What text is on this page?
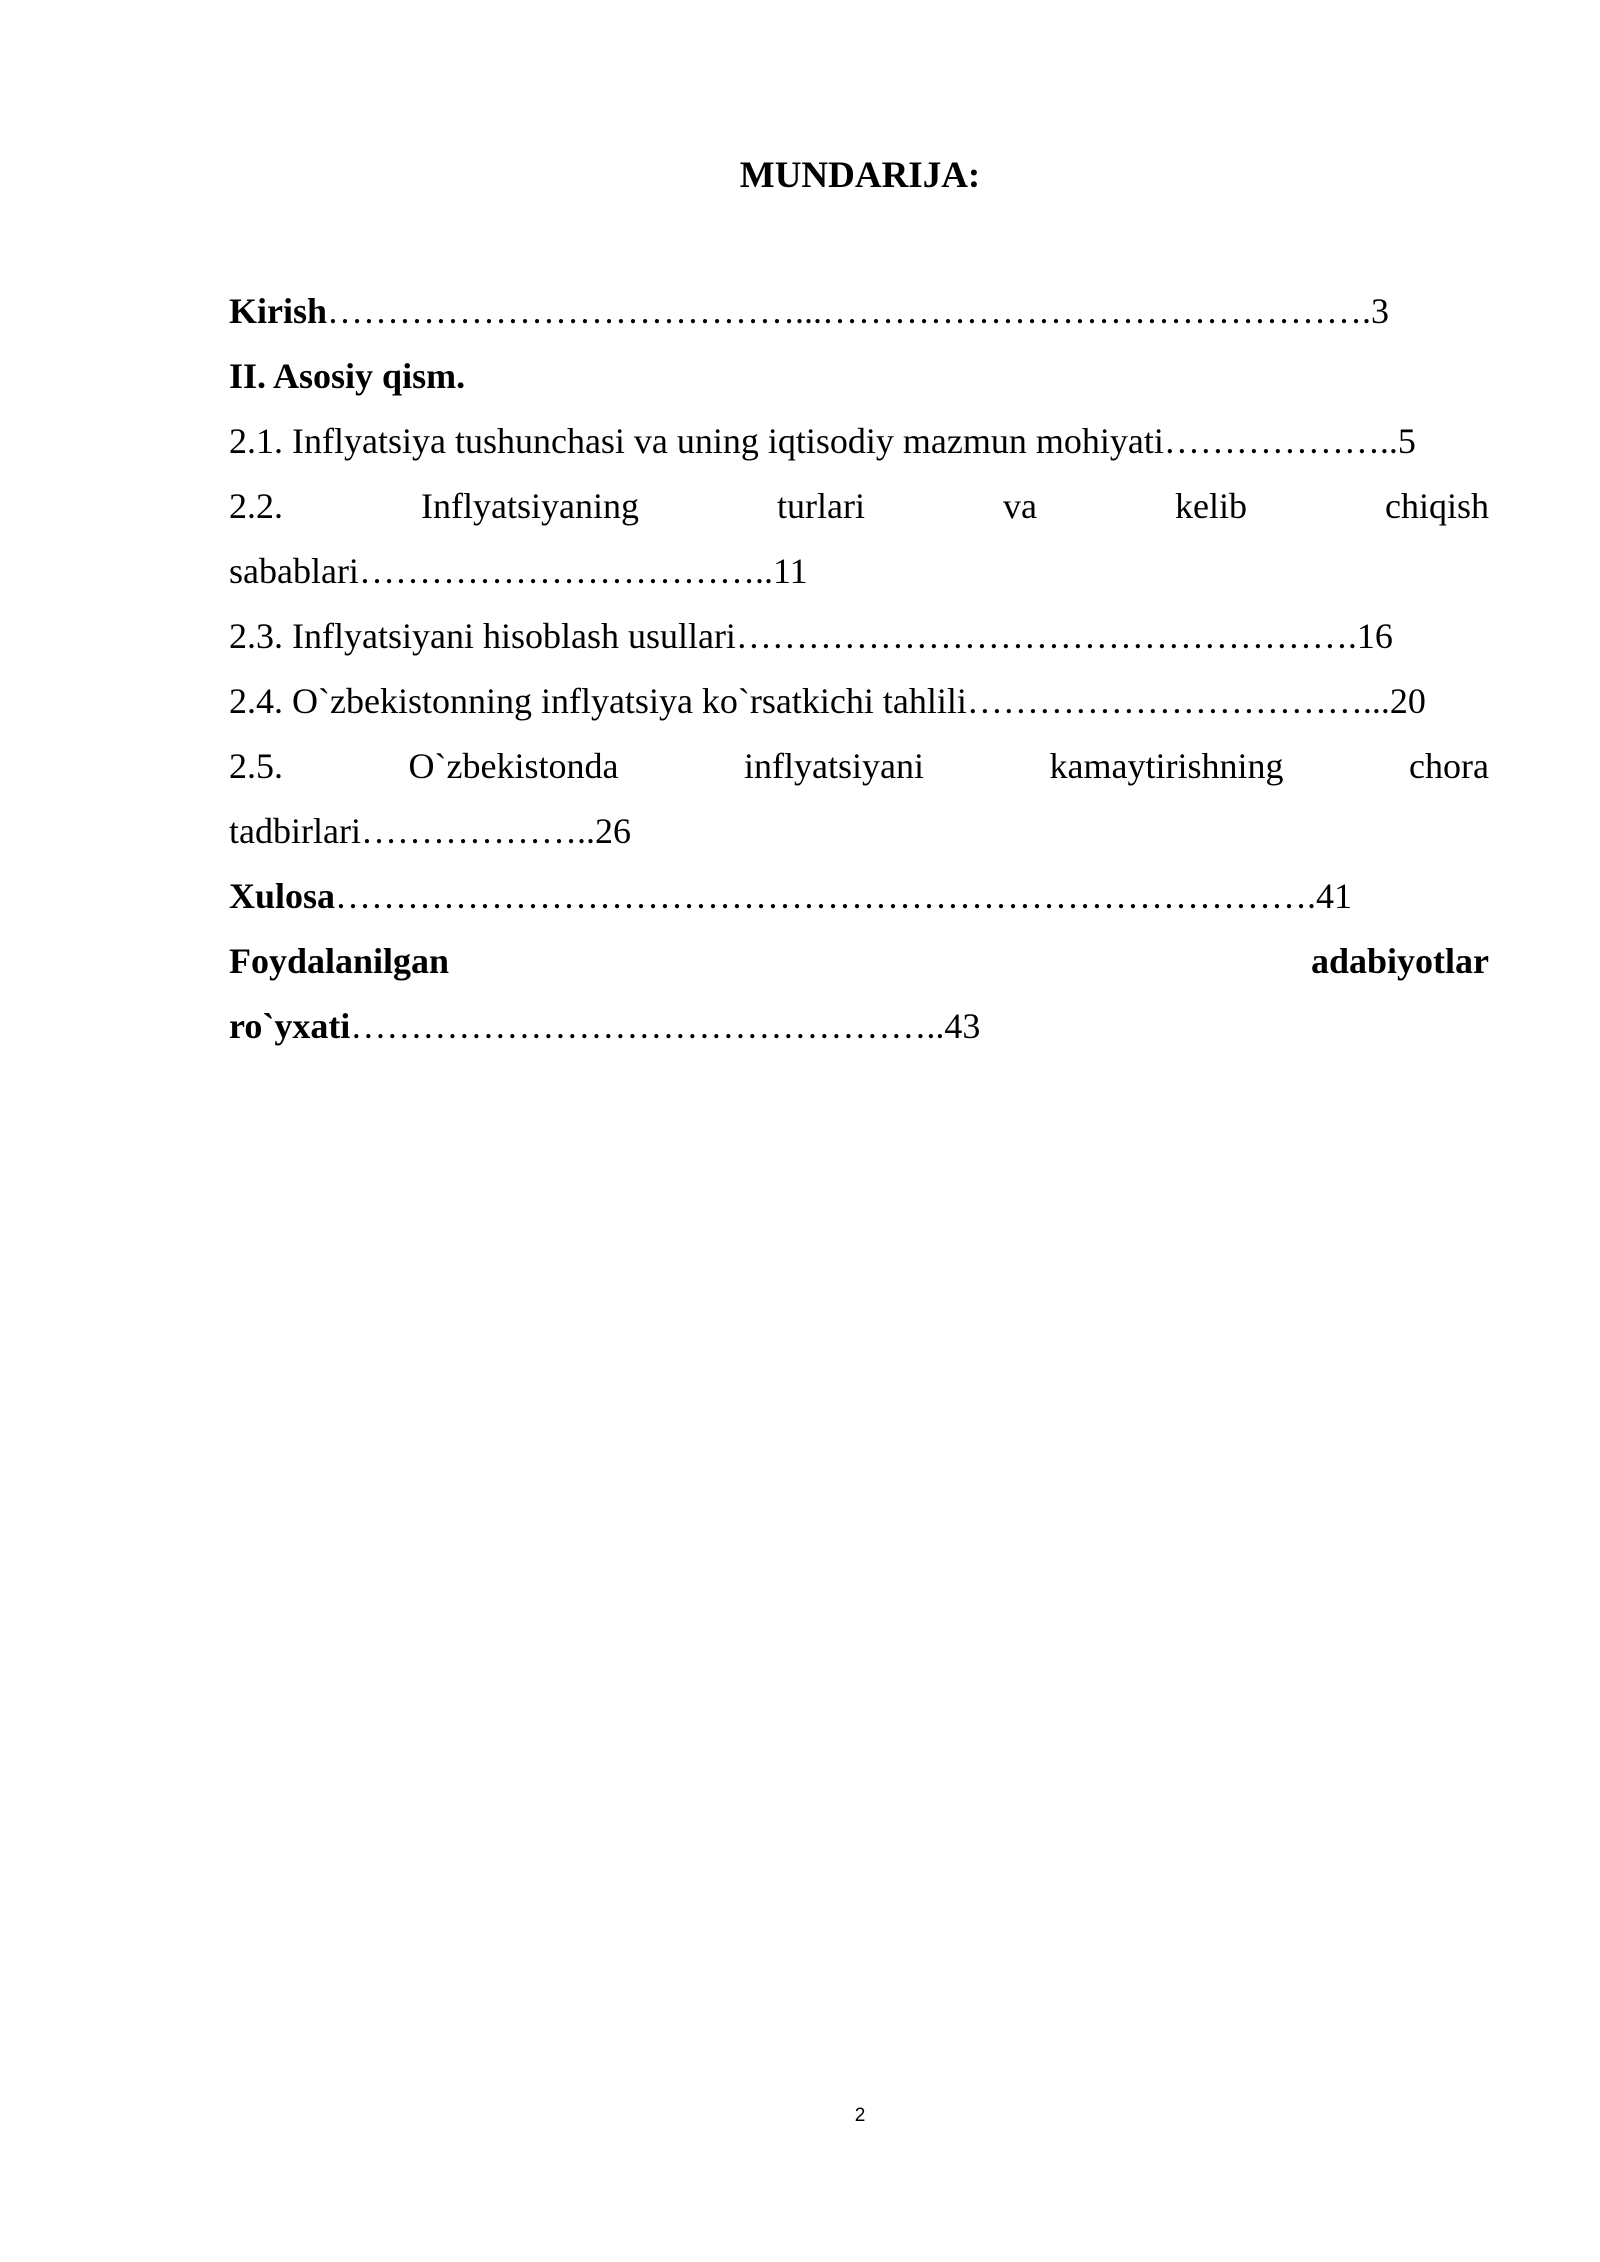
MUNDARIJA:
Kirish…………………………………...……………………………………….3
II. Asosiy qism.
2.1. Inflyatsiya tushunchasi va uning iqtisodiy mazmun mohiyati………………..5
2.2.	Inflyatsiyaning	turlari	va	kelib	chiqish
sabablari……………………………..11
2.3. Inflyatsiyani hisoblash usullari…………………………………………….16
2.4. O`zbekistonning inflyatsiya ko`rsatkichi tahlili……………………………...20
2.5.	O`zbekistonda	inflyatsiyani	kamaytirishning	chora
tadbirlari………………..26
Xulosa……………………………………………………………………….41
Foydalanilgan	adabiyotlar
ro`yxati…………………………………………..43
2
